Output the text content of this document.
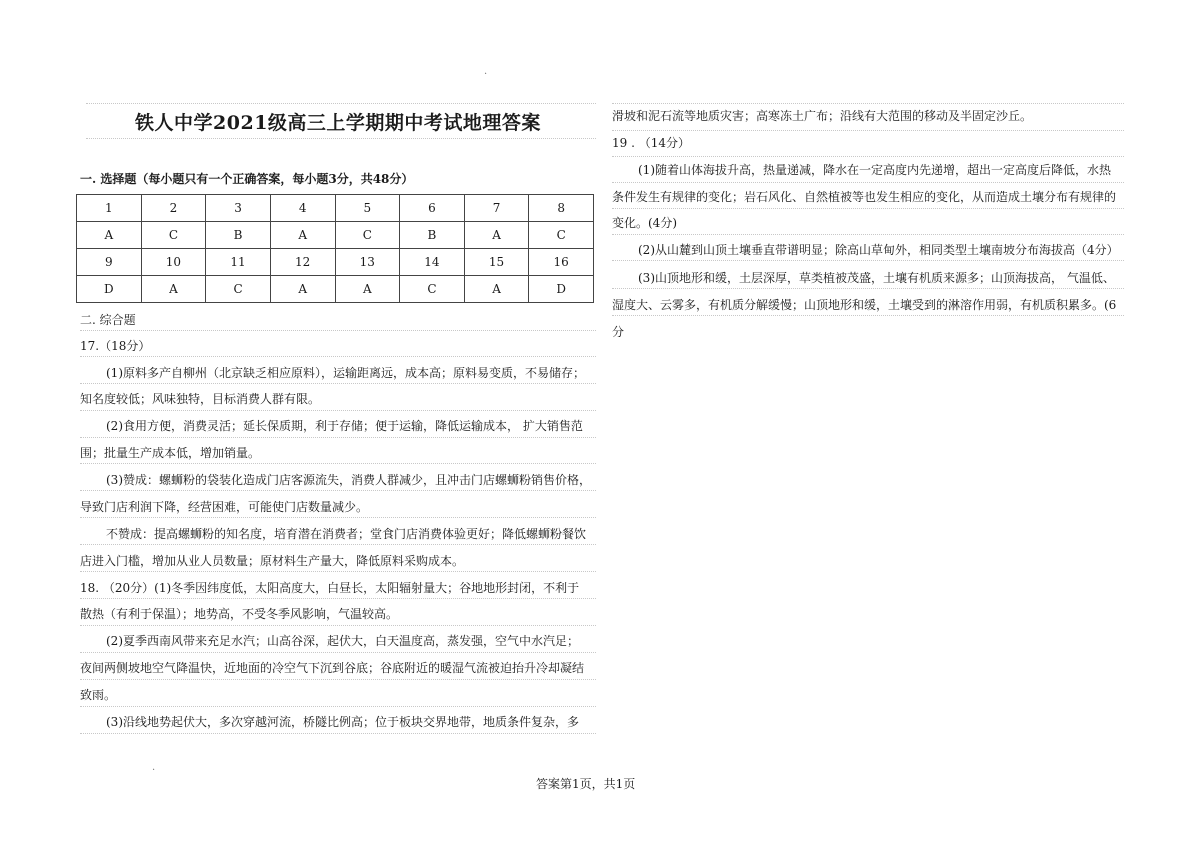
.
.
铁人中学2021级高三上学期期中考试地理答案
一. 选择题（每小题只有一个正确答案，每小题3分，共48分）
1	2	3	4	5	6	7	8
A	C	B	A	C	B	A	C
9	10	11	12	13	14	15	16
D	A	C	A	A	C	A	D
二. 综合题
17.（18分）
(1)原料多产自柳州（北京缺乏相应原料），运输距离远，成本高；原料易变质，不易储存；
知名度较低；风味独特，目标消费人群有限。
(2)食用方便，消费灵活；延长保质期，利于存储；便于运输，降低运输成本， 扩大销售范
围；批量生产成本低，增加销量。
(3)赞成：螺蛳粉的袋装化造成门店客源流失，消费人群减少，且冲击门店螺蛳粉销售价格，
导致门店利润下降，经营困难，可能使门店数量减少。
不赞成：提高螺蛳粉的知名度，培育潜在消费者；堂食门店消费体验更好；降低螺蛳粉餐饮
店进入门槛，增加从业人员数量；原材料生产量大，降低原料采购成本。
18. （20分）(1)冬季因纬度低，太阳高度大，白昼长，太阳辐射量大；谷地地形封闭，不利于
散热（有利于保温）；地势高，不受冬季风影响，气温较高。
(2)夏季西南风带来充足水汽；山高谷深，起伏大，白天温度高，蒸发强，空气中水汽足；
夜间两侧坡地空气降温快，近地面的冷空气下沉到谷底；谷底附近的暖湿气流被迫抬升冷却凝结
致雨。
(3)沿线地势起伏大，多次穿越河流，桥隧比例高；位于板块交界地带，地质条件复杂，多
滑坡和泥石流等地质灾害；高寒冻土广布；沿线有大范围的移动及半固定沙丘。
19 . （14分）
(1)随着山体海拔升高，热量递减，降水在一定高度内先递增，超出一定高度后降低，水热
条件发生有规律的变化；岩石风化、自然植被等也发生相应的变化，从而造成土壤分布有规律的
变化。(4分)
(2)从山麓到山顶土壤垂直带谱明显；除高山草甸外，相同类型土壤南坡分布海拔高（4分）
(3)山顶地形和缓，土层深厚，草类植被茂盛，土壤有机质来源多；山顶海拔高， 气温低、
湿度大、云雾多，有机质分解缓慢；山顶地形和缓，土壤受到的淋溶作用弱，有机质积累多。(6
分
答案第1页，共1页
